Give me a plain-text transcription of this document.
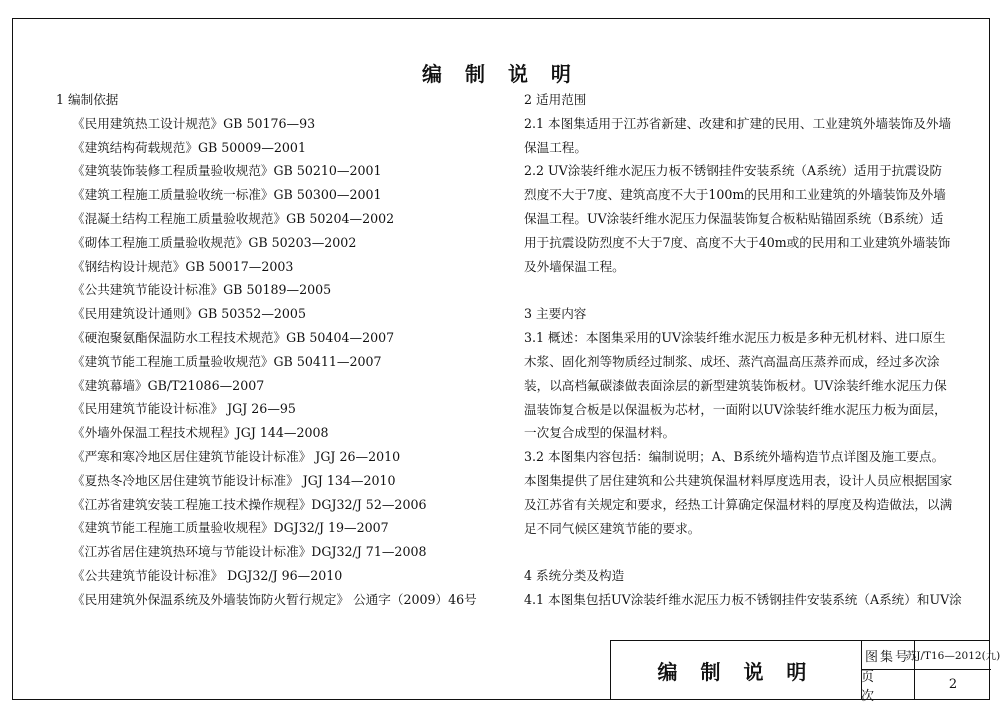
编 制 说 明
1 编制依据
《民用建筑热工设计规范》GB 50176—93
《建筑结构荷载规范》GB 50009—2001
《建筑装饰装修工程质量验收规范》GB 50210—2001
《建筑工程施工质量验收统一标准》GB 50300—2001
《混凝土结构工程施工质量验收规范》GB 50204—2002
《砌体工程施工质量验收规范》GB 50203—2002
《钢结构设计规范》GB 50017—2003
《公共建筑节能设计标准》GB 50189—2005
《民用建筑设计通则》GB 50352—2005
《硬泡聚氨酯保温防水工程技术规范》GB 50404—2007
《建筑节能工程施工质量验收规范》GB 50411—2007
《建筑幕墙》GB/T21086—2007
《民用建筑节能设计标准》 JGJ 26—95
《外墙外保温工程技术规程》JGJ 144—2008
《严寒和寒冷地区居住建筑节能设计标准》 JGJ 26—2010
《夏热冬冷地区居住建筑节能设计标准》 JGJ 134—2010
《江苏省建筑安装工程施工技术操作规程》DGJ32/J 52—2006
《建筑节能工程施工质量验收规程》DGJ32/J 19—2007
《江苏省居住建筑热环境与节能设计标准》DGJ32/J 71—2008
《公共建筑节能设计标准》 DGJ32/J 96—2010
《民用建筑外保温系统及外墙装饰防火暂行规定》 公通字（2009）46号
2 适用范围
2.1 本图集适用于江苏省新建、改建和扩建的民用、工业建筑外墙装饰及外墙保温工程。
2.2 UV涂装纤维水泥压力板不锈钢挂件安装系统（A系统）适用于抗震设防烈度不大于7度、建筑高度不大于100m的民用和工业建筑的外墙装饰及外墙保温工程。UV涂装纤维水泥压力保温装饰复合板粘贴锚固系统（B系统）适用于抗震设防烈度不大于7度、高度不大于40m或的民用和工业建筑外墙装饰及外墙保温工程。
3 主要内容
3.1 概述：本图集采用的UV涂装纤维水泥压力板是多种无机材料、进口原生木浆、固化剂等物质经过制浆、成坯、蒸汽高温高压蒸养而成，经过多次涂装，以高档氟碳漆做表面涂层的新型建筑装饰板材。UV涂装纤维水泥压力保温装饰复合板是以保温板为芯材，一面附以UV涂装纤维水泥压力板为面层，一次复合成型的保温材料。
3.2 本图集内容包括：编制说明；A、B系统外墙构造节点详图及施工要点。本图集提供了居住建筑和公共建筑保温材料厚度选用表，设计人员应根据国家及江苏省有关规定和要求，经热工计算确定保温材料的厚度及构造做法，以满足不同气候区建筑节能的要求。
4 系统分类及构造
4.1 本图集包括UV涂装纤维水泥压力板不锈钢挂件安装系统（A系统）和UV涂
编 制 说 明
图集号
苏J/T16—2012(九)
页 次
2
